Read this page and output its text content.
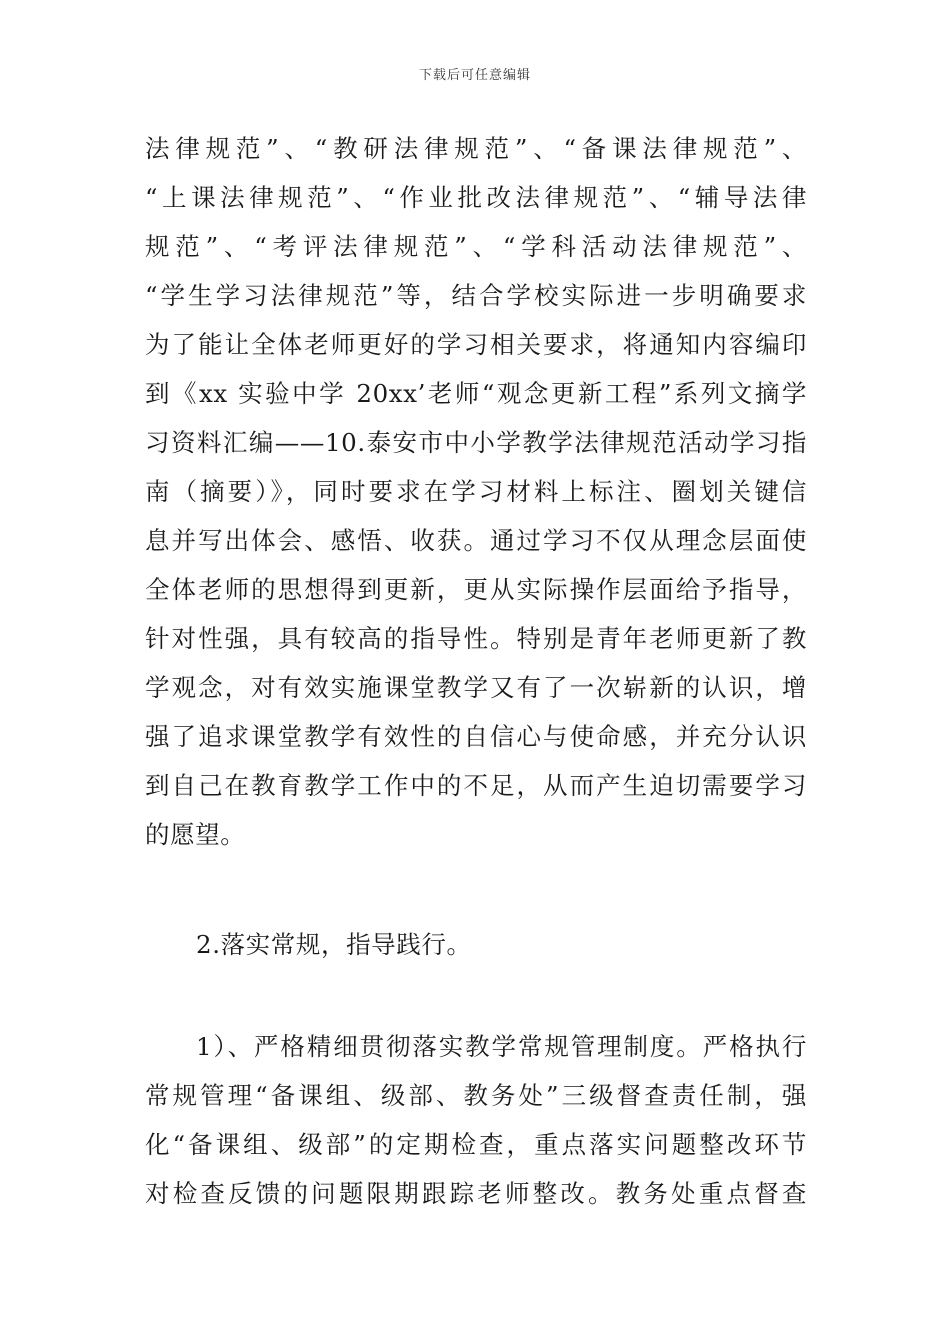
下载后可任意编辑
法律规范”、“教研法律规范”、“备课法律规范”、
“上课法律规范”、“作业批改法律规范”、“辅导法律
规范”、“考评法律规范”、“学科活动法律规范”、
“学生学习法律规范”等，结合学校实际进一步明确要求
为了能让全体老师更好的学习相关要求，将通知内容编印
到《xx 实验中学 20xx’老师“观念更新工程”系列文摘学
习资料汇编——10.泰安市中小学教学法律规范活动学习指
南（摘要）》，同时要求在学习材料上标注、圈划关键信
息并写出体会、感悟、收获。通过学习不仅从理念层面使
全体老师的思想得到更新，更从实际操作层面给予指导，
针对性强，具有较高的指导性。特别是青年老师更新了教
学观念，对有效实施课堂教学又有了一次崭新的认识，增
强了追求课堂教学有效性的自信心与使命感，并充分认识
到自己在教育教学工作中的不足，从而产生迫切需要学习
的愿望。
2.落实常规，指导践行。
1）、严格精细贯彻落实教学常规管理制度。严格执行
常规管理“备课组、级部、教务处”三级督查责任制，强
化“备课组、级部”的定期检查，重点落实问题整改环节
对检查反馈的问题限期跟踪老师整改。教务处重点督查
